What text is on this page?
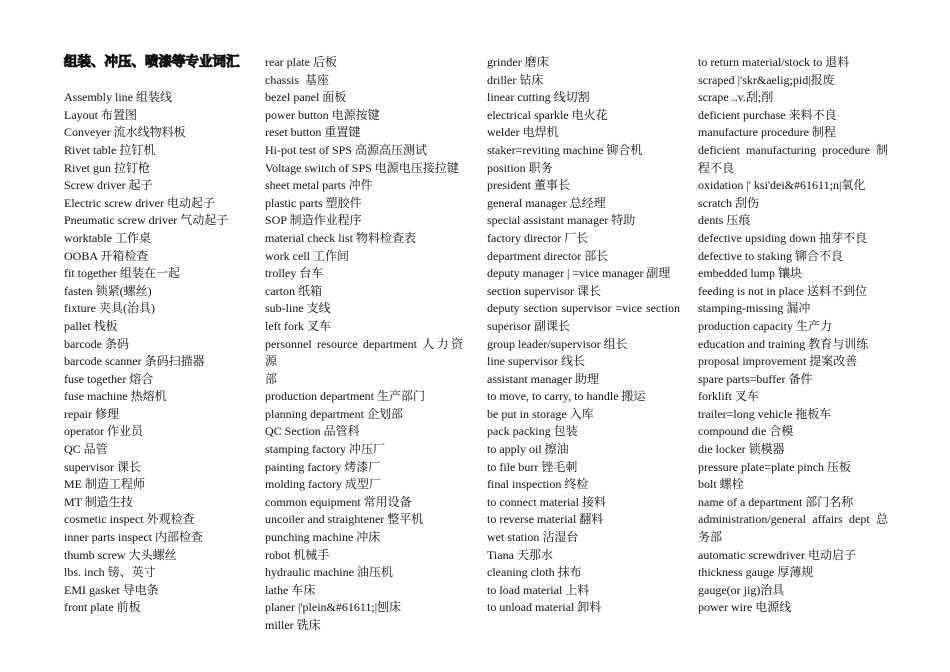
组装、冲压、喷漆等专业词汇
Assembly line 组装线
Layout 布置图
Conveyer 流水线物料板
Rivet table 拉钉机
Rivet gun 拉钉枪
Screw driver 起子
Electric screw driver 电动起子
Pneumatic screw driver 气动起子
worktable 工作桌
OOBA 开箱检查
fit together 组装在一起
fasten 锁紧(螺丝)
fixture 夹具(治具)
pallet 栈板
barcode 条码
barcode scanner 条码扫描器
fuse together 熔合
fuse machine 热熔机
repair 修理
operator 作业员
QC 品管
supervisor 课长
ME 制造工程师
MT 制造生技
cosmetic inspect 外观检查
inner parts inspect 内部检查
thumb screw 大头螺丝
lbs. inch 镑、英寸
EMI gasket 导电条
front plate 前板
rear plate 后板
chassis  基座
bezel panel 面板
power button 电源按键
reset button 重置键
Hi-pot test of SPS 高源高压测试
Voltage switch of SPS 电源电压接拉键
sheet metal parts 冲件
plastic parts 塑胶件
SOP 制造作业程序
material check list 物料检查表
work cell 工作间
trolley 台车
carton 纸箱
sub-line 支线
left fork 叉车
personnel resource department 人力资源
部
production department 生产部门
planning department 企划部
QC Section 品管科
stamping factory 冲压厂
painting factory 烤漆厂
molding factory 成型厂
common equipment 常用设备
uncoiler and straightener 整平机
punching machine 冲床
robot 机械手
hydraulic machine 油压机
lathe 车床
planer |'plein&#61611;|刨床
miller 铣床
grinder 磨床
driller 钻床
linear cutting 线切割
electrical sparkle 电火花
welder 电焊机
staker=reviting machine 铆合机
position 职务
president 董事长
general manager 总经理
special assistant manager 特助
factory director 厂长
department director 部长
deputy manager | =vice manager 副理
section supervisor 课长
deputy section supervisor =vice section
superisor 副课长
group leader/supervisor 组长
line supervisor 线长
assistant manager 助理
to move, to carry, to handle 搬运
be put in storage 入库
pack packing 包装
to apply oil 擦油
to file burr 锉毛刺
final inspection 终检
to connect material 接料
to reverse material 翻料
wet station 沾湿台
Tiana 天那水
cleaning cloth 抹布
to load material 上料
to unload material 卸料
to return material/stock to 退料
scraped |'skr&aelig;pid|报废
scrape ..v.刮;削
deficient purchase 来料不良
manufacture procedure 制程
deficient manufacturing procedure 制
程不良
oxidation |' ksi'dei&#61611;n|氧化
scratch 刮伤
dents 压痕
defective upsiding down 抽芽不良
defective to staking 铆合不良
embedded lump 镶块
feeding is not in place 送料不到位
stamping-missing 漏冲
production capacity 生产力
education and training 教育与训练
proposal improvement 提案改善
spare parts=buffer 备件
forklift 叉车
trailer=long vehicle 拖板车
compound die 合模
die locker 锁模器
pressure plate=plate pinch 压板
bolt 螺栓
name of a department 部门名称
administration/general affairs dept 总
务部
automatic screwdriver 电动启子
thickness gauge 厚薄规
gauge(or jig)治具
power wire 电源线
